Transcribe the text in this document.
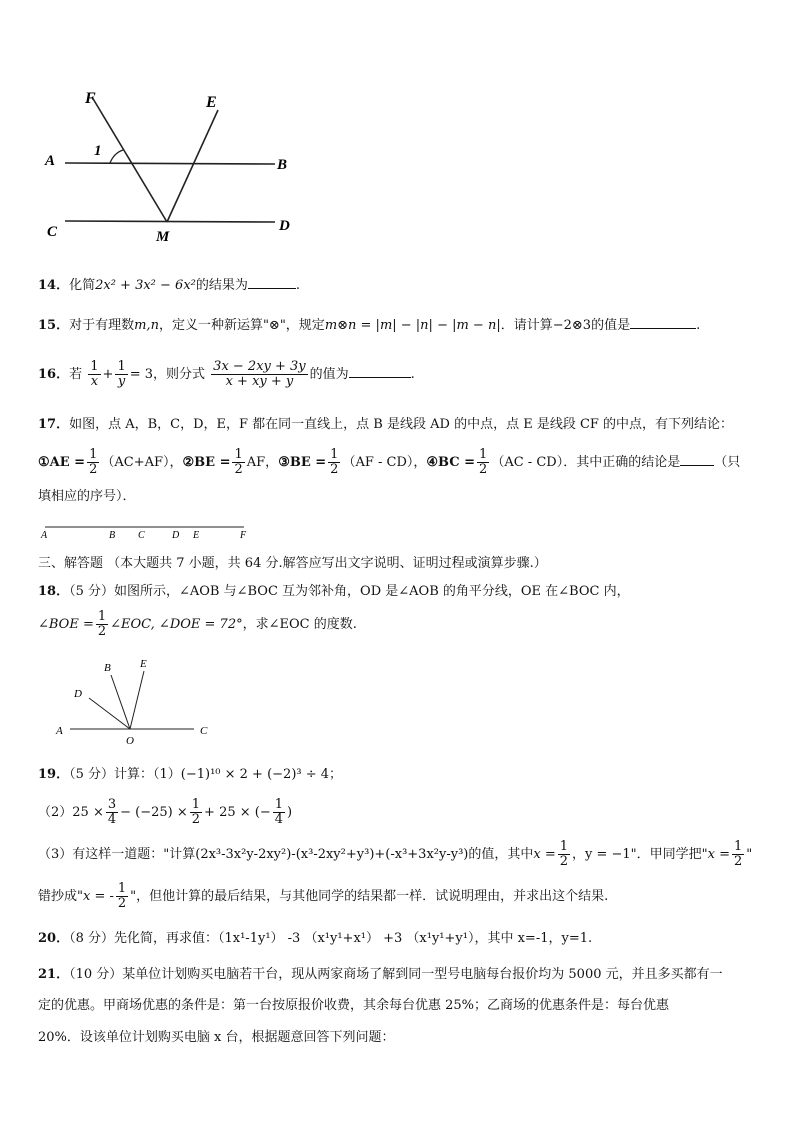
F	E
A	B
C	D
M
1
14．化简2x² + 3x² − 6x²的结果为	.
15．对于有理数m,n，定义一种新运算"⊗"，规定m⊗n = |m| − |n| − |m − n|．请计算−2⊗3的值是	.
16．若 $\frac{1}{x} + \frac{1}{y} = 3$，则分式 $\frac{3x - 2xy + 3y}{x + xy + y}$ 的值为	.
17．如图，点 A，B，C，D，E，F 都在同一直线上，点 B 是线段 AD 的中点，点 E 是线段 CF 的中点，有下列结论：
①AE = $\frac{1}{2} (AC+AF)$，②BE = $\frac{1}{2}$ AF，③BE = $\frac{1}{2} (AF - CD)$，④BC = $\frac{1}{2} (AC - CD)$．其中正确的结论是	（只
填相应的序号）．
A	B C	D E	F
三、解答题 （本大题共 7 小题，共 64 分.解答应写出文字说明、证明过程或演算步骤.）
18．（5 分）如图所示，∠AOB 与∠BOC 互为邻补角，OD 是∠AOB 的角平分线，OE 在∠BOC 内，
∠BOE = $\frac{1}{2}$ ∠EOC, ∠DOE = 72°，求∠EOC 的度数.
B	E
D
A
O
C
19．（5 分）计算：（1）(−1)¹⁰ × 2 + (−2)³ ÷ 4；
$(2)25 \times \frac{3}{4} - (-25) \times \frac{1}{2} + 25$ × (− $\frac{1}{4}$ )
（3）有这样一道题："计算(2x³-3x²y-2xy²)-(x³-2xy²+y³)+(-x³+3x²y-y³)的值，其中$x = \frac{1}{2}$ ，y = −1"．甲同学把"$x = \frac{1}{2}$ "
错抄成"x = - $\frac{1}{2}$ "，但他计算的最后结果，与其他同学的结果都一样．试说明理由，并求出这个结果.
20．（8 分）先化简，再求值：（1x¹-1y¹） -3 （x¹y¹+x¹） +3 （x¹y¹+y¹），其中 x=-1，y=1.
21．（10 分）某单位计划购买电脑若干台，现从两家商场了解到同一型号电脑每台报价均为 5000 元，并且多买都有一
定的优惠。甲商场优惠的条件是：第一台按原报价收费，其余每台优惠 25%；乙商场的优惠条件是：每台优惠
20%．设该单位计划购买电脑 x 台，根据题意回答下列问题：
